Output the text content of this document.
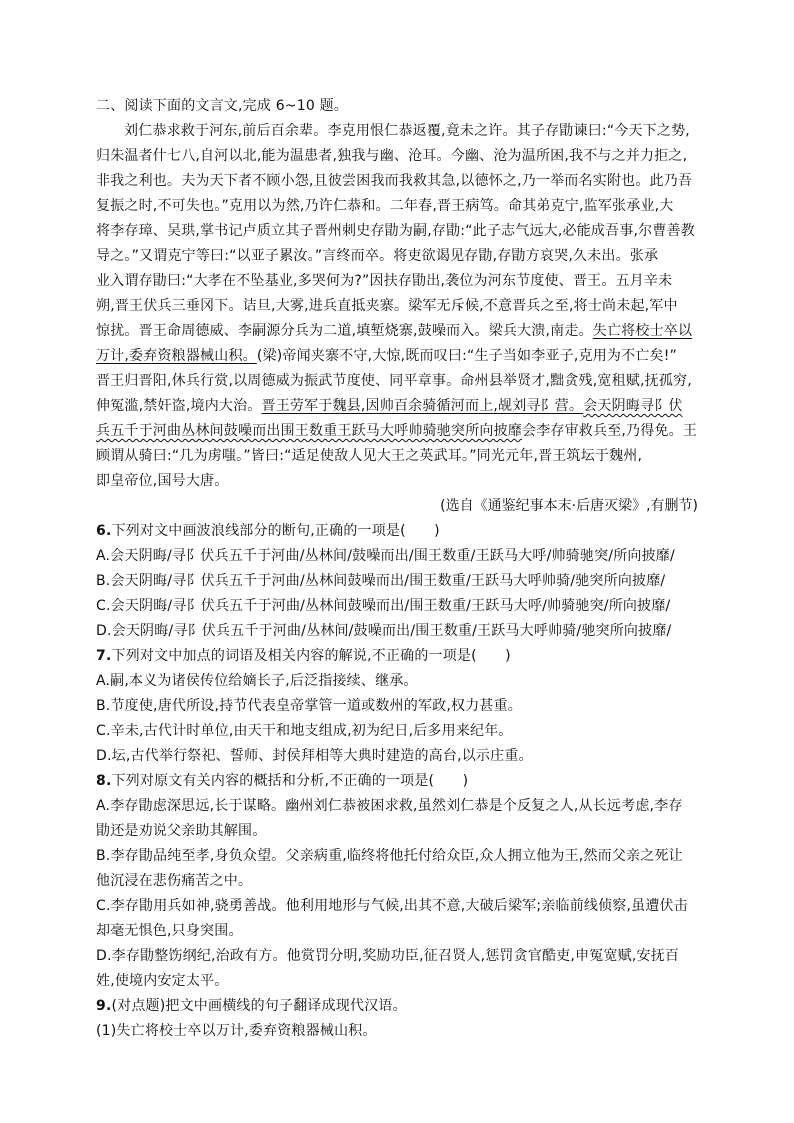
二、阅读下面的文言文,完成 6~10 题。
刘仁恭求救于河东,前后百余辈。李克用恨仁恭返覆,竟未之许。其子存勖谏曰:“今天下之势,
归朱温者什七八,自河以北,能为温患者,独我与幽、沧耳。今幽、沧为温所困,我不与之并力拒之,
非我之利也。夫为天下者不顾小怨,且彼尝困我而我救其急,以德怀之,乃一举而名实附也。此乃吾
复振之时,不可失也。”克用以为然,乃许仁恭和。二年春,晋王病笃。命其弟克宁,监军张承业,大
将李存璋、吴珙,掌书记卢质立其子晋州刺史存勖为嗣,存勖:“此子志气远大,必能成吾事,尔曹善教
导之。”又谓克宁等曰:“以亚子累汝。”言终而卒。将吏欲谒见存勖,存勖方哀哭,久未出。张承
业入谓存勖曰:“大孝在不坠基业,多哭何为?”因扶存勖出,袭位为河东节度使、晋王。五月辛未
朔,晋王伏兵三垂冈下。诘旦,大雾,进兵直抵夹寨。梁军无斥候,不意晋兵之至,将士尚未起,军中
惊扰。晋王命周德威、李嗣源分兵为二道,填堑烧寨,鼓噪而入。梁兵大溃,南走。失亡将校士卒以
万计,委弃资粮器械山积。(梁)帝闻夹寨不守,大惊,既而叹曰:“生子当如李亚子,克用为不亡矣!”
晋王归晋阳,休兵行赏,以周德威为振武节度使、同平章事。命州县举贤才,黜贪残,宽租赋,抚孤穷,
伸冤滥,禁奸盗,境内大治。晋王劳军于魏县,因帅百余骑循河而上,觇刘寻阝营。会天阴晦寻阝伏
兵五千于河曲丛林间鼓噪而出围王数重王跃马大呼帅骑驰突所向披靡会李存审救兵至,乃得免。王
顾谓从骑曰:“几为虏嗤。”皆曰:“适足使敌人见大王之英武耳。”同光元年,晋王筑坛于魏州,
即皇帝位,国号大唐。
(选自《通鉴纪事本末·后唐灭梁》,有删节)
6.下列对文中画波浪线部分的断句,正确的一项是(　　)
A.会天阴晦/寻阝伏兵五千于河曲/丛林间/鼓噪而出/围王数重/王跃马大呼/帅骑驰突/所向披靡/
B.会天阴晦/寻阝伏兵五千于河曲/丛林间鼓噪而出/围王数重/王跃马大呼帅骑/驰突所向披靡/
C.会天阴晦/寻阝伏兵五千于河曲/丛林间鼓噪而出/围王数重/王跃马大呼/帅骑驰突/所向披靡/
D.会天阴晦/寻阝伏兵五千于河曲/丛林间/鼓噪而出/围王数重/王跃马大呼帅骑/驰突所向披靡/
7.下列对文中加点的词语及相关内容的解说,不正确的一项是(　　)
A.嗣,本义为诸侯传位给嫡长子,后泛指接续、继承。
B.节度使,唐代所设,持节代表皇帝掌管一道或数州的军政,权力甚重。
C.辛未,古代计时单位,由天干和地支组成,初为纪日,后多用来纪年。
D.坛,古代举行祭祀、誓师、封侯拜相等大典时建造的高台,以示庄重。
8.下列对原文有关内容的概括和分析,不正确的一项是(　　)
A.李存勖虑深思远,长于谋略。幽州刘仁恭被困求救,虽然刘仁恭是个反复之人,从长远考虑,李存
勖还是劝说父亲助其解围。
B.李存勖品纯至孝,身负众望。父亲病重,临终将他托付给众臣,众人拥立他为王,然而父亲之死让
他沉浸在悲伤痛苦之中。
C.李存勖用兵如神,骁勇善战。他利用地形与气候,出其不意,大破后梁军;亲临前线侦察,虽遭伏击
却毫无惧色,只身突围。
D.李存勖整饬纲纪,治政有方。他赏罚分明,奖励功臣,征召贤人,惩罚贪官酷吏,申冤宽赋,安抚百
姓,使境内安定太平。
9.(对点题)把文中画横线的句子翻译成现代汉语。
(1)失亡将校士卒以万计,委弃资粮器械山积。
